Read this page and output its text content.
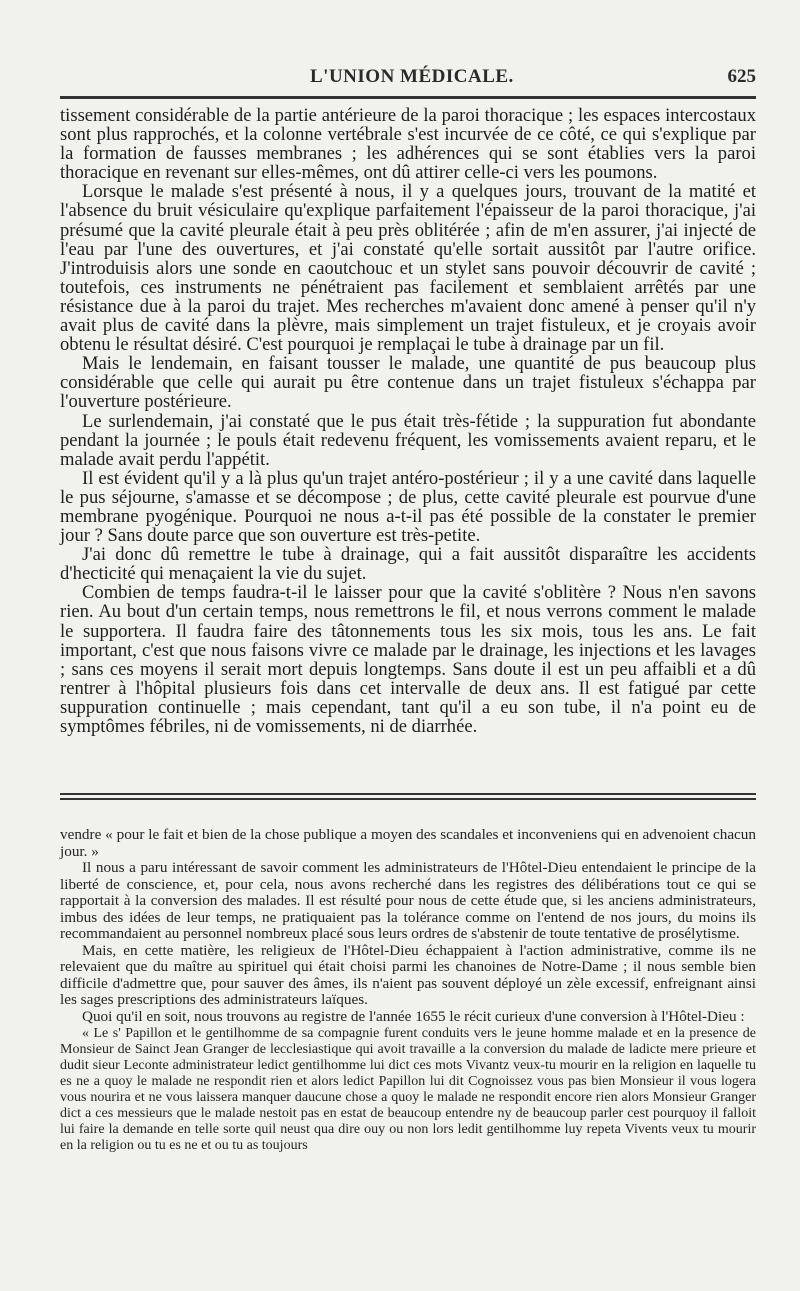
L'UNION MÉDICALE.	625

tissement considérable de la partie antérieure de la paroi thoracique ; les espaces intercostaux sont plus rapprochés, et la colonne vertébrale s'est incurvée de ce côté, ce qui s'explique par la formation de fausses membranes ; les adhérences qui se sont établies vers la paroi thoracique en revenant sur elles-mêmes, ont dû attirer celle-ci vers les poumons.

Lorsque le malade s'est présenté à nous, il y a quelques jours, trouvant de la matité et l'absence du bruit vésiculaire qu'explique parfaitement l'épaisseur de la paroi thoracique, j'ai présumé que la cavité pleurale était à peu près oblitérée ; afin de m'en assurer, j'ai injecté de l'eau par l'une des ouvertures, et j'ai constaté qu'elle sortait aussitôt par l'autre orifice. J'introduisis alors une sonde en caoutchouc et un stylet sans pouvoir découvrir de cavité ; toutefois, ces instruments ne pénétraient pas facilement et semblaient arrêtés par une résistance due à la paroi du trajet. Mes recherches m'avaient donc amené à penser qu'il n'y avait plus de cavité dans la plèvre, mais simplement un trajet fistuleux, et je croyais avoir obtenu le résultat désiré. C'est pourquoi je remplaçai le tube à drainage par un fil.

Mais le lendemain, en faisant tousser le malade, une quantité de pus beaucoup plus considérable que celle qui aurait pu être contenue dans un trajet fistuleux s'échappa par l'ouverture postérieure.

Le surlendemain, j'ai constaté que le pus était très-fétide ; la suppuration fut abondante pendant la journée ; le pouls était redevenu fréquent, les vomissements avaient reparu, et le malade avait perdu l'appétit.

Il est évident qu'il y a là plus qu'un trajet antéro-postérieur ; il y a une cavité dans laquelle le pus séjourne, s'amasse et se décompose ; de plus, cette cavité pleurale est pourvue d'une membrane pyogénique. Pourquoi ne nous a-t-il pas été possible de la constater le premier jour ? Sans doute parce que son ouverture est très-petite.

J'ai donc dû remettre le tube à drainage, qui a fait aussitôt disparaître les accidents d'hecticité qui menaçaient la vie du sujet.

Combien de temps faudra-t-il le laisser pour que la cavité s'oblitère ? Nous n'en savons rien. Au bout d'un certain temps, nous remettrons le fil, et nous verrons comment le malade le supportera. Il faudra faire des tâtonnements tous les six mois, tous les ans. Le fait important, c'est que nous faisons vivre ce malade par le drainage, les injections et les lavages ; sans ces moyens il serait mort depuis longtemps. Sans doute il est un peu affaibli et a dû rentrer à l'hôpital plusieurs fois dans cet intervalle de deux ans. Il est fatigué par cette suppuration continuelle ; mais cependant, tant qu'il a eu son tube, il n'a point eu de symptômes fébriles, ni de vomissements, ni de diarrhée.

vendre « pour le fait et bien de la chose publique a moyen des scandales et inconveniens qui en advenoient chacun jour. »

Il nous a paru intéressant de savoir comment les administrateurs de l'Hôtel-Dieu entendaient le principe de la liberté de conscience, et, pour cela, nous avons recherché dans les registres des délibérations tout ce qui se rapportait à la conversion des malades. Il est résulté pour nous de cette étude que, si les anciens administrateurs, imbus des idées de leur temps, ne pratiquaient pas la tolérance comme on l'entend de nos jours, du moins ils recommandaient au personnel nombreux placé sous leurs ordres de s'abstenir de toute tentative de prosélytisme.

Mais, en cette matière, les religieux de l'Hôtel-Dieu échappaient à l'action administrative, comme ils ne relevaient que du maître au spirituel qui était choisi parmi les chanoines de Notre-Dame ; il nous semble bien difficile d'admettre que, pour sauver des âmes, ils n'aient pas souvent déployé un zèle excessif, enfreignant ainsi les sages prescriptions des administrateurs laïques.

Quoi qu'il en soit, nous trouvons au registre de l'année 1655 le récit curieux d'une conversion à l'Hôtel-Dieu :

« Le s' Papillon et le gentilhomme de sa compagnie furent conduits vers le jeune homme malade et en la presence de Monsieur de Sainct Jean Granger de lecclesiastique qui avoit travaille a la conversion du malade de ladicte mere prieure et dudit sieur Leconte administrateur ledict gentilhomme lui dict ces mots Vivantz veux-tu mourir en la religion en laquelle tu es ne a quoy le malade ne respondit rien et alors ledict Papillon lui dit Cognoissez vous pas bien Monsieur il vous logera vous nourira et ne vous laissera manquer daucune chose a quoy le malade ne respondit encore rien alors Monsieur Granger dict a ces messieurs que le malade nestoit pas en estat de beaucoup entendre ny de beaucoup parler cest pourquoy il falloit lui faire la demande en telle sorte quil neust qua dire ouy ou non lors ledit gentilhomme luy repeta Vivents veux tu mourir en la religion ou tu es ne et ou tu as toujours
